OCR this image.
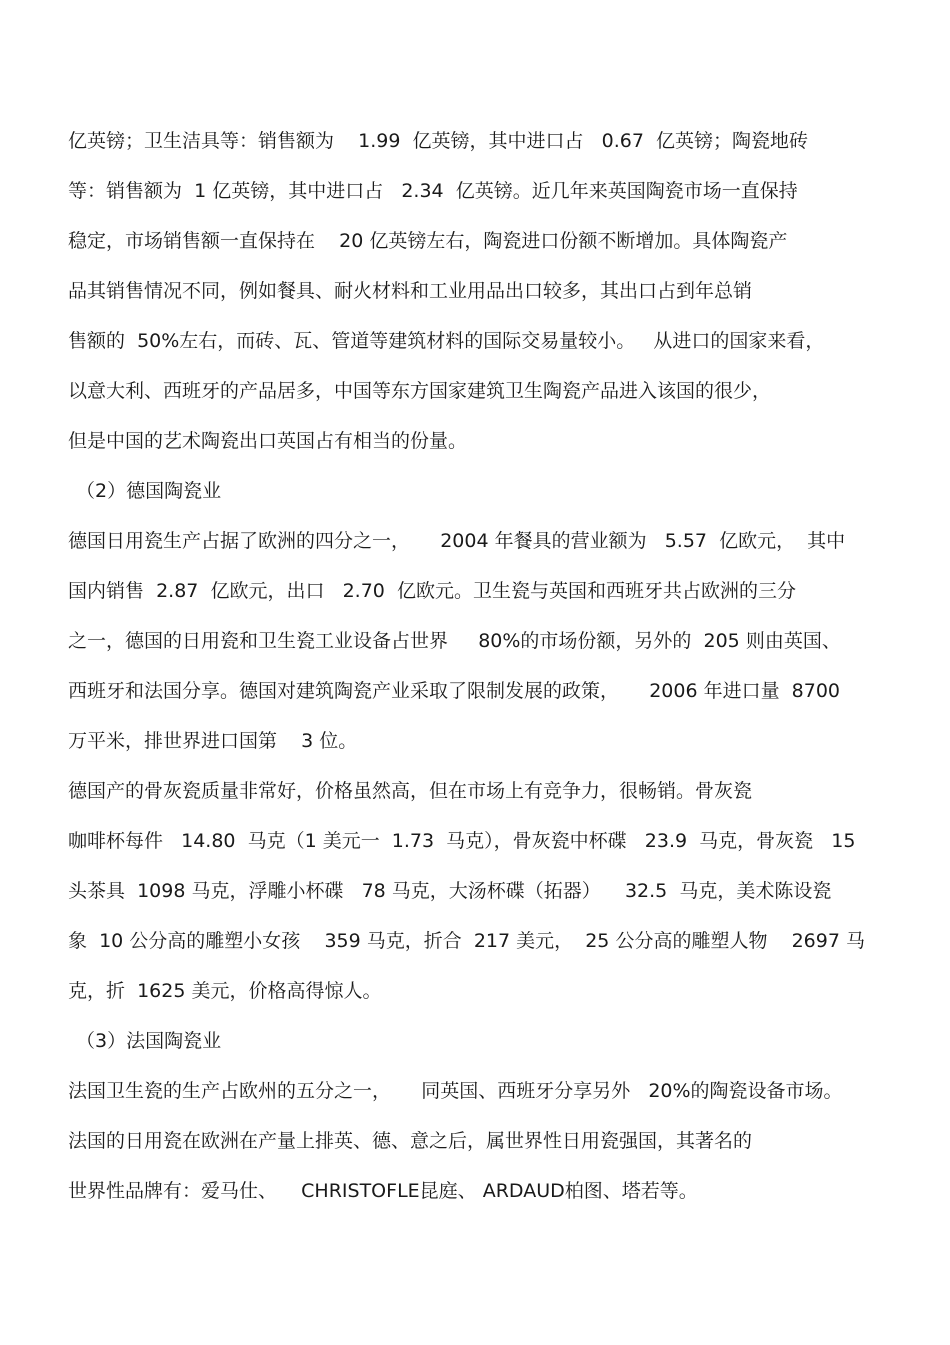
亿英镑；卫生洁具等：销售额为    1.99  亿英镑，其中进口占   0.67  亿英镑；陶瓷地砖
等：销售额为  1 亿英镑，其中进口占   2.34  亿英镑。近几年来英国陶瓷市场一直保持
稳定，市场销售额一直保持在    20 亿英镑左右，陶瓷进口份额不断增加。具体陶瓷产
品其销售情况不同，例如餐具、耐火材料和工业用品出口较多，其出口占到年总销
售额的  50%左右，而砖、瓦、管道等建筑材料的国际交易量较小。   从进口的国家来看，
以意大利、西班牙的产品居多，中国等东方国家建筑卫生陶瓷产品进入该国的很少，
但是中国的艺术陶瓷出口英国占有相当的份量。
（2）德国陶瓷业
德国日用瓷生产占据了欧洲的四分之一，     2004 年餐具的营业额为   5.57  亿欧元，  其中
国内销售  2.87  亿欧元，出口   2.70  亿欧元。卫生瓷与英国和西班牙共占欧洲的三分
之一，德国的日用瓷和卫生瓷工业设备占世界     80%的市场份额，另外的  205 则由英国、
西班牙和法国分享。德国对建筑陶瓷产业采取了限制发展的政策，     2006 年进口量  8700
万平米，排世界进口国第    3 位。
德国产的骨灰瓷质量非常好，价格虽然高，但在市场上有竞争力，很畅销。骨灰瓷
咖啡杯每件   14.80  马克（1 美元一  1.73  马克），骨灰瓷中杯碟   23.9  马克，骨灰瓷   15
头茶具  1098 马克，浮雕小杯碟   78 马克，大汤杯碟（拓器）    32.5  马克，美术陈设瓷
象  10 公分高的雕塑小女孩    359 马克，折合  217 美元，  25 公分高的雕塑人物    2697 马
克，折  1625 美元，价格高得惊人。
（3）法国陶瓷业
法国卫生瓷的生产占欧州的五分之一，     同英国、西班牙分享另外   20%的陶瓷设备市场。
法国的日用瓷在欧洲在产量上排英、德、意之后，属世界性日用瓷强国，其著名的
世界性品牌有：爱马仕、    CHRISTOFLE昆庭、 ARDAUD柏图、塔若等。
